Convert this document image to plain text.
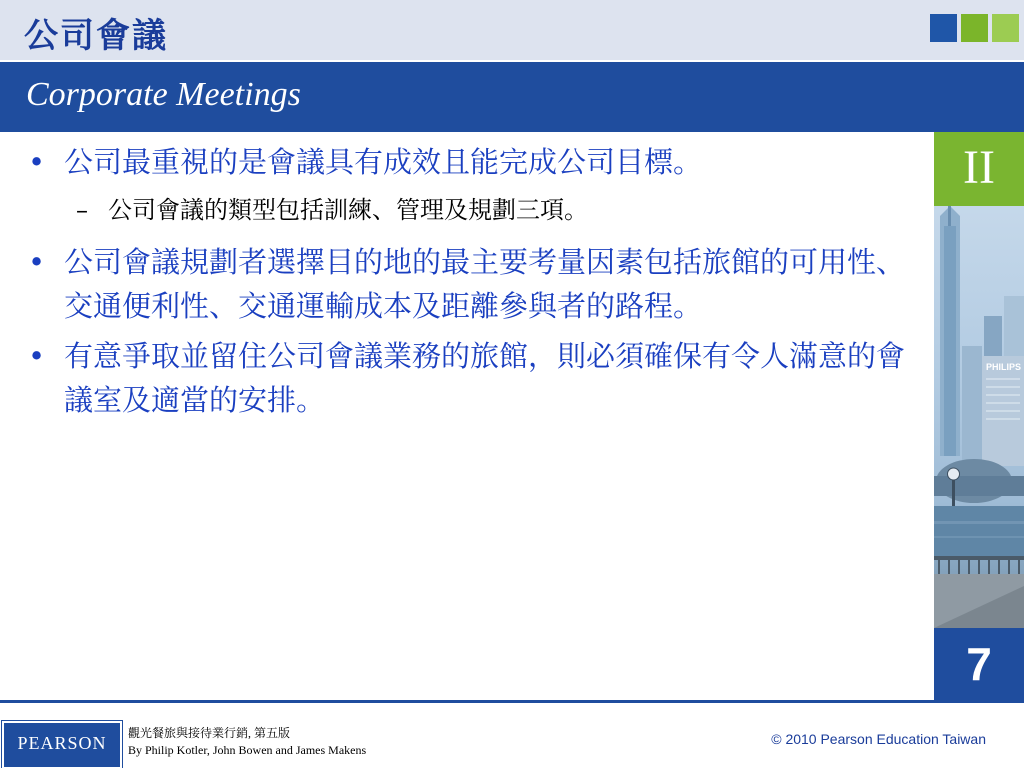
公司會議
Corporate Meetings
• 公司最重視的是會議具有成效且能完成公司目標。
– 公司會議的類型包括訓練、管理及規劃三項。
• 公司會議規劃者選擇目的地的最主要考量因素包括旅館的可用性、交通便利性、交通運輸成本及距離參與者的路程。
• 有意爭取並留住公司會議業務的旅館，則必須確保有令人滿意的會議室及適當的安排。
II
PHILIPS
7
PEARSON	觀光餐旅與接待業行銷, 第五版
By Philip Kotler, John Bowen and James Makens
© 2010 Pearson Education Taiwan
